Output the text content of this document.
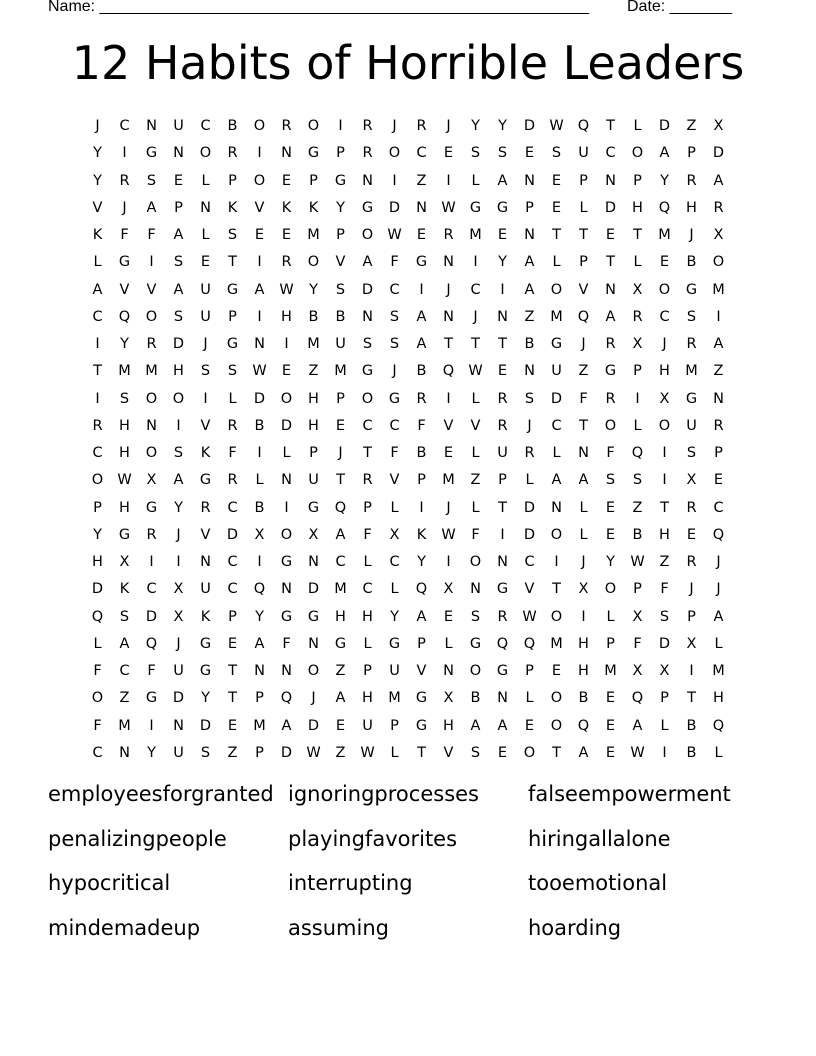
Name: _______________________________________________________

Date: _______

12 Habits of Horrible Leaders
J	C	N	U	C	B	O	R	O	I	R	J	R	J	Y	Y	D W Q	T	L	D	Z	X
Y	I	G	N	O	R	I	N	G	P	R	O	C	E	S	S	E	S	U	C	O	A	P	D
Y	R	S	E	L	P	O	E	P	G	N	I	Z	I	L	A	N	E	P	N	P	Y	R	A
V	J	A	P	N	K	V	K	K	Y	G	D	N W G	G	P	E	L	D	H	Q	H	R
K	F	F	A	L	S	E	E	M	P	O W	E	R	M	E	N	T	T	E	T	M	J	X
L	G	I	S	E	T	I	R	O	V	A	F	G	N	I	Y	A	L	P	T	L	E	B	O
A	V	V	A	U	G	A	W	Y	S	D	C	I	J	C	I	A	O	V	N	X	O	G	M
C	Q	O	S	U	P	I	H	B	B	N	S	A	N	J	N	Z	M	Q	A	R	C	S	I
I	Y	R	D	J	G	N	I	M	U	S	S	A	T	T	T	B	G	J	R	X	J	R	A
T	M M	H	S	S	W	E	Z	M	G	J	B	Q W	E	N	U	Z	G	P	H	M	Z
I	S	O	O	I	L	D	O	H	P	O	G	R	I	L	R	S	D	F	R	I	X	G	N
R	H	N	I	V	R	B	D	H	E	C	C	F	V	V	R	J	C	T	O	L	O	U	R
C	H	O	S	K	F	I	L	P	J	T	F	B	E	L	U	R	L	N	F	Q	I	S	P
O W	X	A	G	R	L	N	U	T	R	V	P	M	Z	P	L	A	A	S	S	I	X	E
P	H	G	Y	R	C	B	I	G	Q	P	L	I	J	L	T	D	N	L	E	Z	T	R	C
Y	G	R	J	V	D	X	O	X	A	F	X	K	W	F	I	D	O	L	E	B	H	E	Q
H	X	I	I	N	C	I	G	N	C	L	C	Y	I	O	N	C	I	J	Y	W	Z	R	J
D	K	C	X	U	C	Q	N	D	M	C	L	Q	X	N	G	V	T	X	O	P	F	J	J
Q	S	D	X	K	P	Y	G	G	H	H	Y	A	E	S	R	W O	I	L	X	S	P	A
L	A	Q	J	G	E	A	F	N	G	L	G	P	L	G	Q	Q	M	H	P	F	D	X	L
F	C	F	U	G	T	N	N	O	Z	P	U	V	N	O	G	P	E	H	M	X	X	I	M
O	Z	G	D	Y	T	P	Q	J	A	H	M	G	X	B	N	L	O	B	E	Q	P	T	H
F	M	I	N	D	E	M	A	D	E	U	P	G	H	A	A	E	O	Q	E	A	L	B	Q
C	N	Y	U	S	Z	P	D W	Z	W	L	T	V	S	E	O	T	A	E	W	I	B	L
employeesforgranted ignoringprocesses	falseempowerment
penalizingpeople	playingfavorites	hiringallalone
hypocritical	interrupting	tooemotional
mindemadeup	assuming	hoarding
